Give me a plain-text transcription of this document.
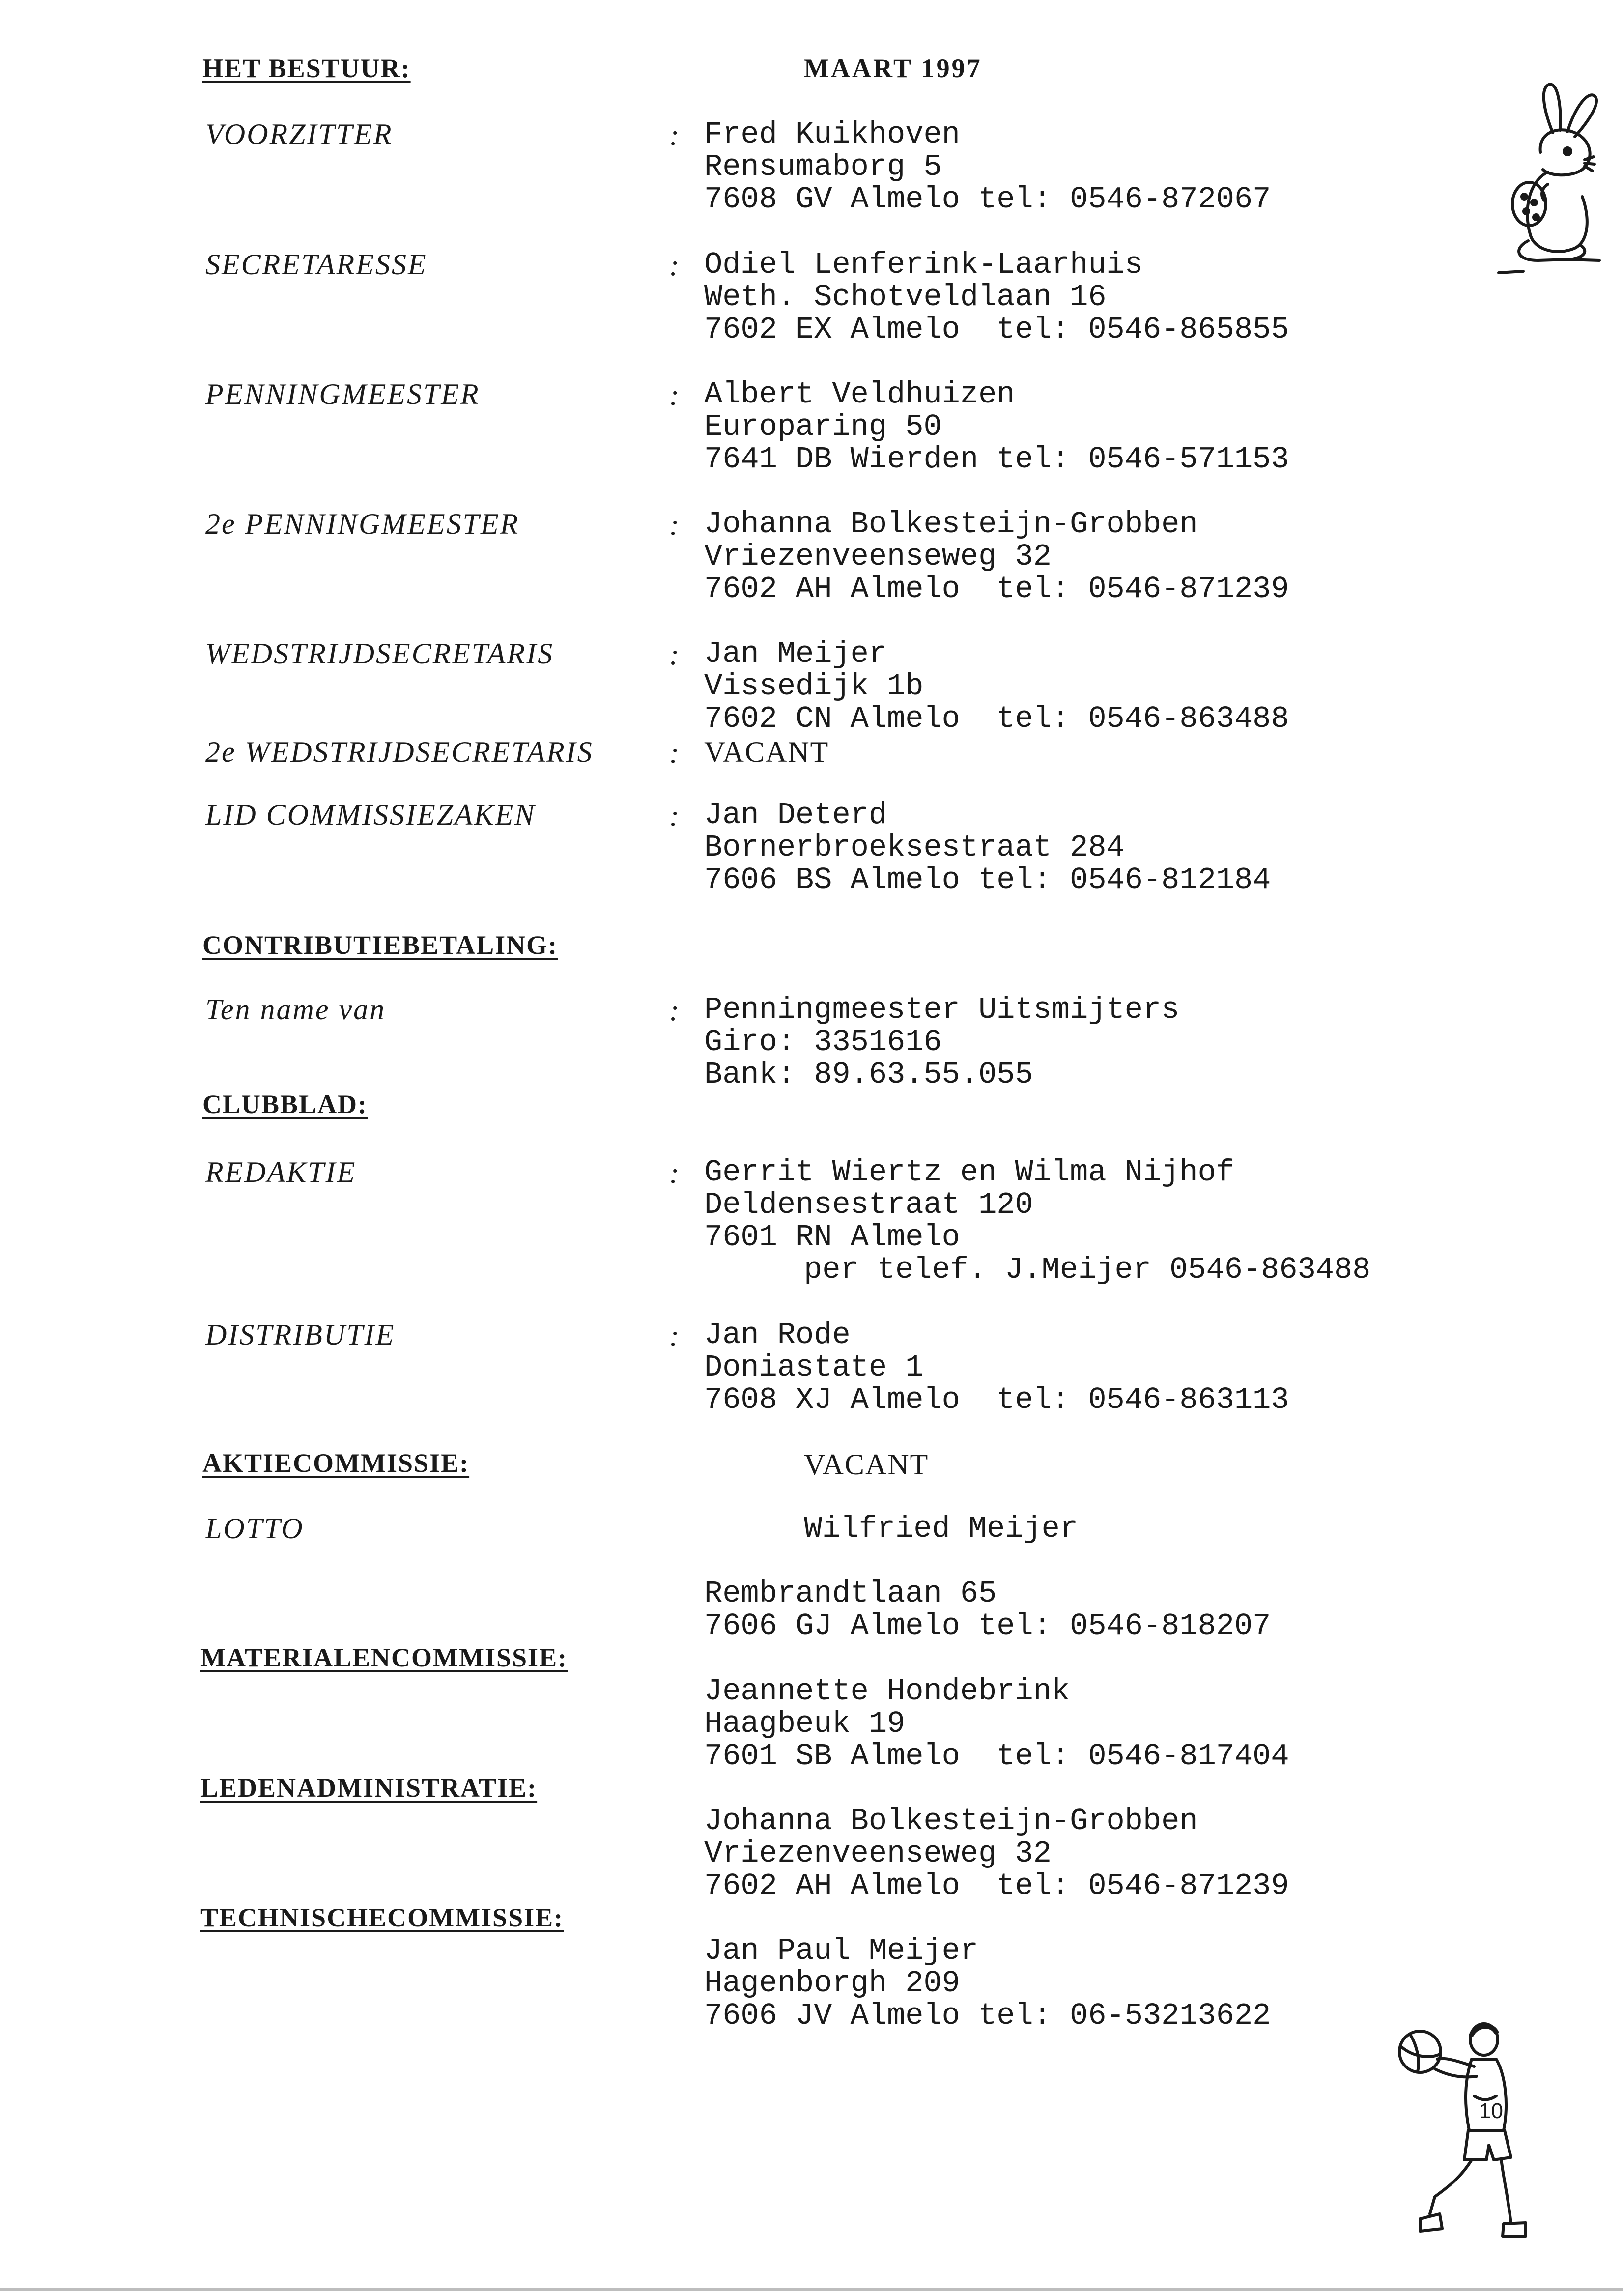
HET BESTUUR:	MAART 1997
VOORZITTER	: Fred Kuikhoven
Rensumaborg 5
7608 GV Almelo tel: 0546-872067
SECRETARESSE	: Odiel Lenferink-Laarhuis
Weth. Schotveldlaan 16
7602 EX Almelo  tel: 0546-865855
PENNINGMEESTER	: Albert Veldhuizen
Europaring 50
7641 DB Wierden tel: 0546-571153
2e PENNINGMEESTER	: Johanna Bolkesteijn-Grobben
Vriezenveenseweg 32
7602 AH Almelo  tel: 0546-871239
WEDSTRIJDSECRETARIS	: Jan Meijer
Vissedijk 1b
7602 CN Almelo  tel: 0546-863488
2e WEDSTRIJDSECRETARIS	: VACANT
LID COMMISSIEZAKEN	: Jan Deterd
Bornerbroeksestraat 284
7606 BS Almelo tel: 0546-812184
CONTRIBUTIEBETALING:
Ten name van	: Penningmeester Uitsmijters
Giro: 3351616
Bank: 89.63.55.055
CLUBBLAD:
REDAKTIE	: Gerrit Wiertz en Wilma Nijhof
Deldensestraat 120
7601 RN Almelo
per telef. J.Meijer 0546-863488
DISTRIBUTIE	: Jan Rode
Doniastate 1
7608 XJ Almelo  tel: 0546-863113
AKTIECOMMISSIE:	VACANT
LOTTO	Wilfried Meijer
Rembrandtlaan 65
7606 GJ Almelo tel: 0546-818207
MATERIALENCOMMISSIE:
Jeannette Hondebrink
Haagbeuk 19
7601 SB Almelo  tel: 0546-817404
LEDENADMINISTRATIE:
Johanna Bolkesteijn-Grobben
Vriezenveenseweg 32
7602 AH Almelo  tel: 0546-871239
TECHNISCHECOMMISSIE:
Jan Paul Meijer
Hagenborgh 209
7606 JV Almelo tel: 06-53213622
10
